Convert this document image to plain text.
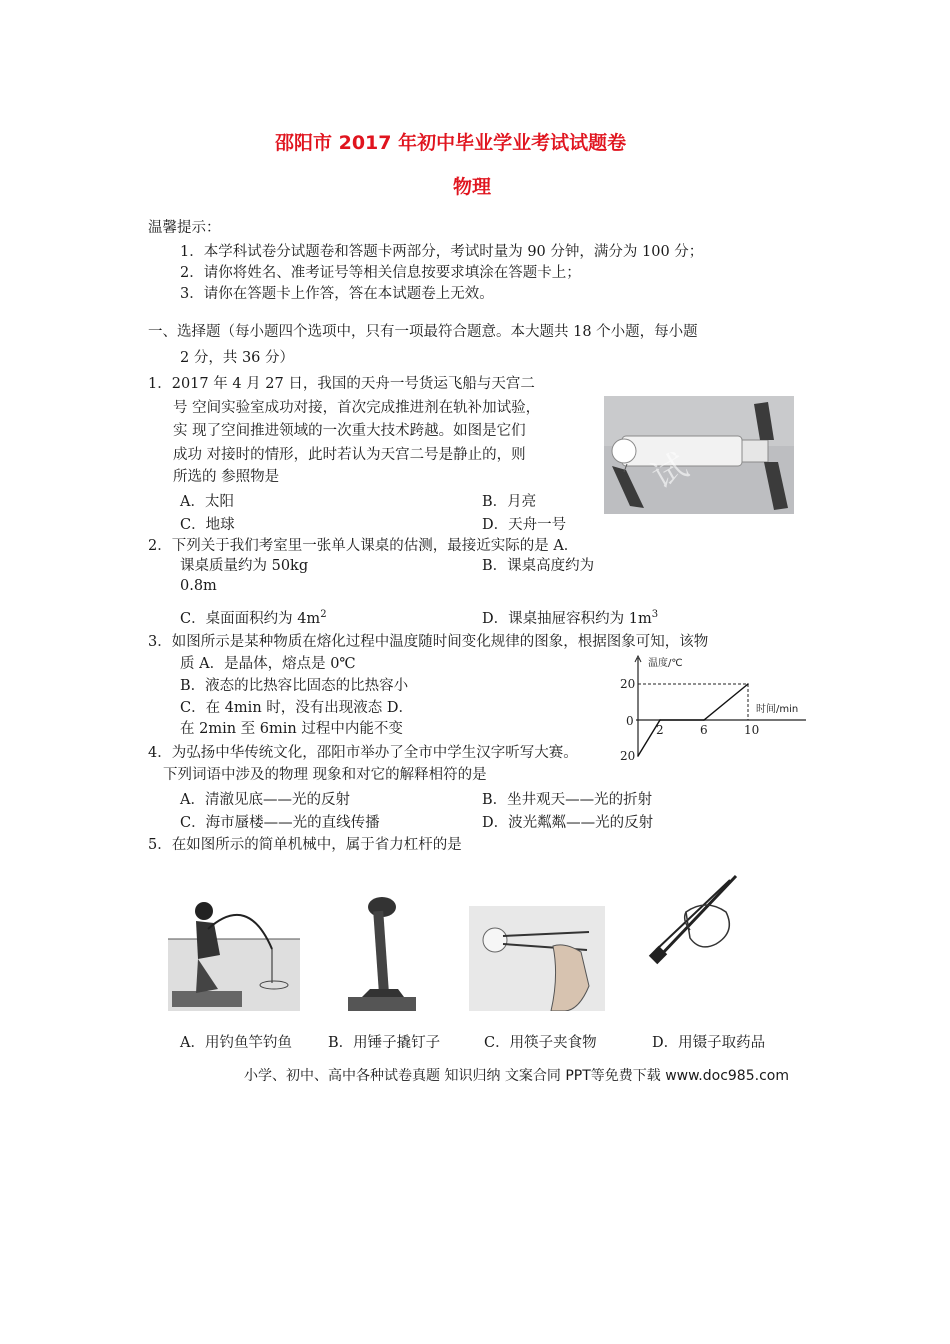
邵阳市 2017 年初中毕业学业考试试题卷
物理
温馨提示：
1．本学科试卷分试题卷和答题卡两部分，考试时量为 90 分钟，满分为 100 分；
2．请你将姓名、准考证号等相关信息按要求填涂在答题卡上；
3．请你在答题卡上作答，答在本试题卷上无效。
一、选择题（每小题四个选项中，只有一项最符合题意。本大题共 18 个小题，每小题
2 分，共 36 分）
1．2017 年 4 月 27 日，我国的天舟一号货运飞船与天宫二
号 空间实验室成功对接，首次完成推进剂在轨补加试验，
实 现了空间推进领域的一次重大技术跨越。如图是它们
成功 对接时的情形，此时若认为天宫二号是静止的，则
所选的 参照物是
A．太阳	B．月亮
C．地球	D．天舟一号
试
2．下列关于我们考室里一张单人课桌的估测，最接近实际的是 A．
课桌质量约为 50kg	B．课桌高度约为
0.8m
C．桌面面积约为 $4m^2$	D．课桌抽屉容积约为 $1m^3$
3．如图所示是某种物质在熔化过程中温度随时间变化规律的图象，根据图象可知，该物
质 A．是晶体，熔点是 0℃
B．液态的比热容比固态的比热容小
C．在 4min 时，没有出现液态 D．
在 2min 至 6min 过程中内能不变
温度/℃
时间/min
0
2	6	10
20
20
4．为弘扬中华传统文化，邵阳市举办了全市中学生汉字听写大赛。
下列词语中涉及的物理 现象和对它的解释相符的是
A．清澈见底——光的反射	B．坐井观天——光的折射
C．海市蜃楼——光的直线传播	D．波光粼粼——光的反射
5．在如图所示的简单机械中，属于省力杠杆的是
A．用钓鱼竿钓鱼 B．用锤子撬钉子	C．用筷子夹食物	D．用镊子取药品
小学、初中、高中各种试卷真题 知识归纳 文案合同 PPT等免费下载 www.doc985.com
